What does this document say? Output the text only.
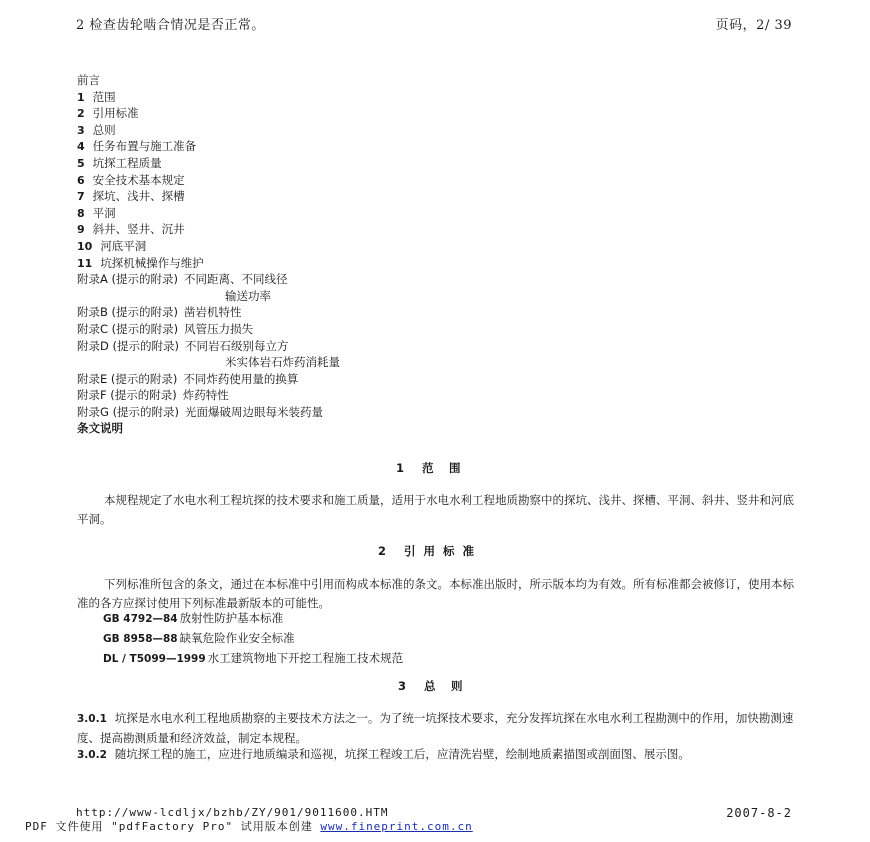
2 检查齿轮啮合情况是否正常。	页码，2/ 39
前言
1 范围
2 引用标准
3 总则
4 任务布置与施工准备
5 坑探工程质量
6 安全技术基本规定
7 探坑、浅井、探槽
8 平洞
9 斜井、竖井、沉井
10 河底平洞
11 坑探机械操作与维护
附录A (提示的附录) 不同距离、不同线径
输送功率
附录B (提示的附录) 凿岩机特性
附录C (提示的附录) 风管压力损失
附录D (提示的附录) 不同岩石级别每立方
米实体岩石炸药消耗量
附录E (提示的附录) 不同炸药使用量的换算
附录F (提示的附录) 炸药特性
附录G (提示的附录) 光面爆破周边眼每米装药量
条文说明
1 范　围
本规程规定了水电水利工程坑探的技术要求和施工质量，适用于水电水利工程地质勘察中的探坑、浅井、探槽、平洞、斜井、竖井和河底平洞。
2 引 用 标 准
下列标准所包含的条文，通过在本标准中引用而构成本标准的条文。本标准出版时，所示版本均为有效。所有标准都会被修订，使用本标准的各方应探讨使用下列标准最新版本的可能性。
GB 4792—84 放射性防护基本标准
GB 8958—88 缺氧危险作业安全标准
DL / T5099—1999 水工建筑物地下开挖工程施工技术规范
3 总　则
3.0.1 坑探是水电水利工程地质勘察的主要技术方法之一。为了统一坑探技术要求，充分发挥坑探在水电水利工程勘测中的作用，加快勘测速度、提高勘测质量和经济效益，制定本规程。
3.0.2 随坑探工程的施工，应进行地质编录和巡视，坑探工程竣工后，应清洗岩壁，绘制地质素描图或剖面图、展示图。
http://www-lcdljx/bzhb/ZY/901/9011600.HTM	2007-8-2
PDF 文件使用 "pdfFactory Pro" 试用版本创建 www.fineprint.com.cn
